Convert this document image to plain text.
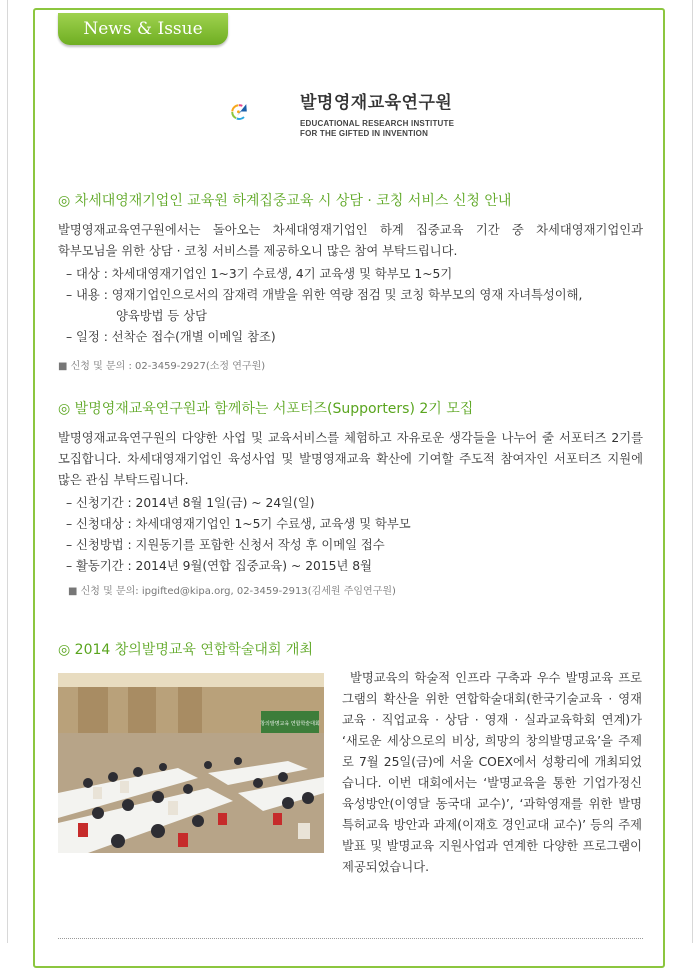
News & Issue
발명영재교육연구원
EDUCATIONAL RESEARCH INSTITUTE
FOR THE GIFTED IN INVENTION
◎ 차세대영재기업인 교육원 하계집중교육 시 상담 · 코칭 서비스 신청 안내

발명영재교육연구원에서는 돌아오는 차세대영재기업인 하계 집중교육 기간 중 차세대영재기업인과 학부모님을 위한 상담 · 코칭 서비스를 제공하오니 많은 참여 부탁드립니다.

– 대상 : 차세대영재기업인 1~3기 수료생, 4기 교육생 및 학부모 1~5기
– 내용 : 영재기업인으로서의 잠재력 개발을 위한 역량 점검 및 코칭 학부모의 영재 자녀특성이해,
양육방법 등 상담
– 일정 : 선착순 접수(개별 이메일 참조)
■ 신청 및 문의 : 02-3459-2927(소정 연구원)
◎ 발명영재교육연구원과 함께하는 서포터즈(Supporters) 2기 모집

발명영재교육연구원의 다양한 사업 및 교육서비스를 체험하고 자유로운 생각들을 나누어 줄 서포터즈 2기를 모집합니다. 차세대영재기업인 육성사업 및 발명영재교육 확산에 기여할 주도적 참여자인 서포터즈 지원에 많은 관심 부탁드립니다.

– 신청기간 : 2014년 8월 1일(금) ~ 24일(일)
– 신청대상 : 차세대영재기업인 1~5기 수료생, 교육생 및 학부모
– 신청방법 : 지원동기를 포함한 신청서 작성 후 이메일 접수
– 활동기간 : 2014년 9월(연합 집중교육) ~ 2015년 8월
■ 신청 및 문의: ipgifted@kipa.org, 02-3459-2913(김세원 주임연구원)
◎ 2014 창의발명교육 연합학술대회 개최
창의발명교육 연합학술대회
발명교육의 학술적 인프라 구축과 우수 발명교육 프로그램의 확산을 위한 연합학술대회(한국기술교육 · 영재교육 · 직업교육 · 상담 · 영재 · 실과교육학회 연계)가 ‘새로운 세상으로의 비상, 희망의 창의발명교육’을 주제로 7월 25일(금)에 서울 COEX에서 성황리에 개최되었습니다. 이번 대회에서는 ‘발명교육을 통한 기업가정신 육성방안(이영달 동국대 교수)’, ‘과학영재를 위한 발명특허교육 방안과 과제(이재호 경인교대 교수)’ 등의 주제 발표 및 발명교육 지원사업과 연계한 다양한 프로그램이 제공되었습니다.
